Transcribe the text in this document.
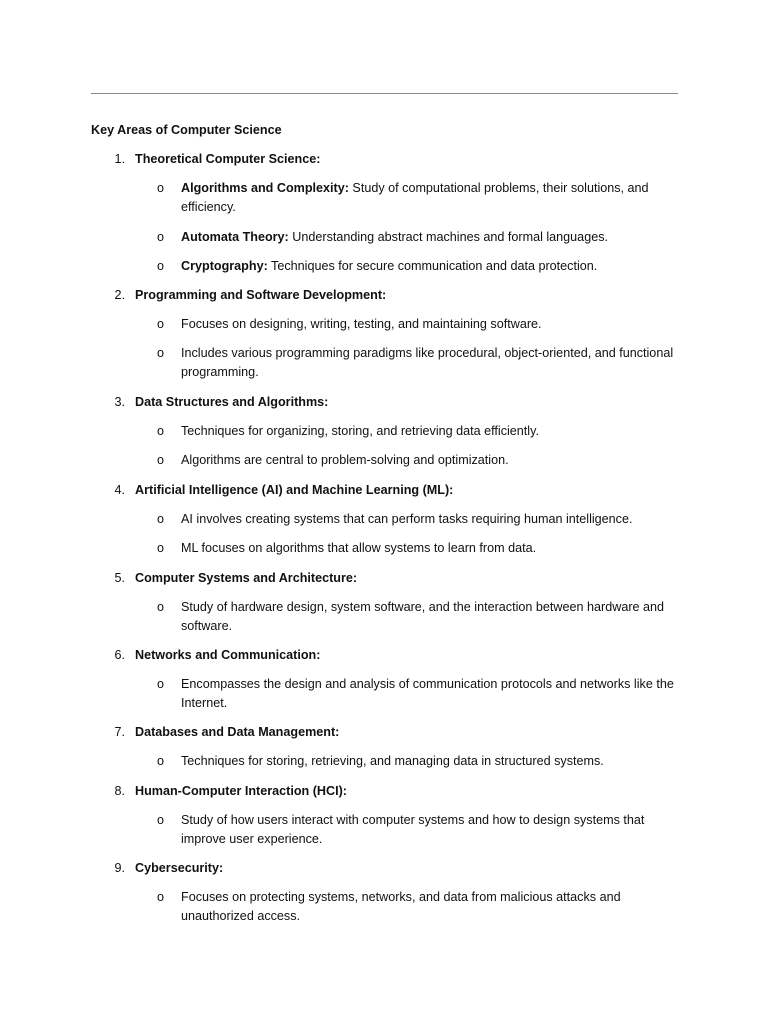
Key Areas of Computer Science
1. Theoretical Computer Science:
o Algorithms and Complexity: Study of computational problems, their solutions, and efficiency.
o Automata Theory: Understanding abstract machines and formal languages.
o Cryptography: Techniques for secure communication and data protection.
2. Programming and Software Development:
o Focuses on designing, writing, testing, and maintaining software.
o Includes various programming paradigms like procedural, object-oriented, and functional programming.
3. Data Structures and Algorithms:
o Techniques for organizing, storing, and retrieving data efficiently.
o Algorithms are central to problem-solving and optimization.
4. Artificial Intelligence (AI) and Machine Learning (ML):
o AI involves creating systems that can perform tasks requiring human intelligence.
o ML focuses on algorithms that allow systems to learn from data.
5. Computer Systems and Architecture:
o Study of hardware design, system software, and the interaction between hardware and software.
6. Networks and Communication:
o Encompasses the design and analysis of communication protocols and networks like the Internet.
7. Databases and Data Management:
o Techniques for storing, retrieving, and managing data in structured systems.
8. Human-Computer Interaction (HCI):
o Study of how users interact with computer systems and how to design systems that improve user experience.
9. Cybersecurity:
o Focuses on protecting systems, networks, and data from malicious attacks and unauthorized access.
